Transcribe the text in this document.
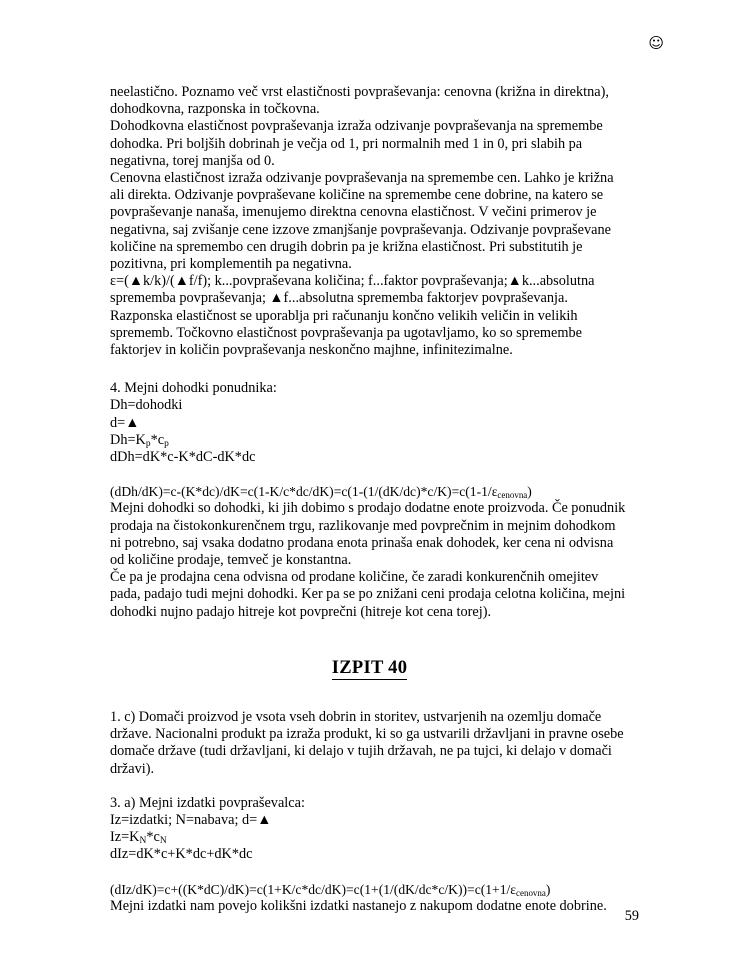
☺

neelastično. Poznamo več vrst elastičnosti povpraševanja: cenovna (križna in direktna), dohodkovna, razponska in točkovna.

Dohodkovna elastičnost povpraševanja izraža odzivanje povpraševanja na spremembe dohodka. Pri boljših dobrinah je večja od 1, pri normalnih med 1 in 0, pri slabih pa negativna, torej manjša od 0.

Cenovna elastičnost izraža odzivanje povpraševanja na spremembe cen. Lahko je križna ali direkta. Odzivanje povpraševane količine na spremembe cene dobrine, na katero se povpraševanje nanaša, imenujemo direktna cenovna elastičnost. V večini primerov je negativna, saj zvišanje cene izzove zmanjšanje povpraševanja. Odzivanje povpraševane količine na spremembo cen drugih dobrin pa je križna elastičnost. Pri substitutih je pozitivna, pri komplementih pa negativna.

ε=(▲k/k)/(▲f/f); k...povpraševana količina; f...faktor povpraševanja;▲k...absolutna sprememba povpraševanja; ▲f...absolutna sprememba faktorjev povpraševanja. Razponska elastičnost se uporablja pri računanju končno velikih veličin in velikih sprememb. Točkovno elastičnost povpraševanja pa ugotavljamo, ko so spremembe faktorjev in količin povpraševanja neskončno majhne, infinitezimalne.

4. Mejni dohodki ponudnika:

Dh=dohodki

d=▲

$Dh=K_p*c_p$

dDh=dK*c-K*dC-dK*dc

$(dDh/dK)=c-(K*dc)/dK=c(1-K/c*dc/dK)=c(1-(1/(dK/dc)*c/K)=c(1-1/\varepsilon_{cenovna})$

Mejni dohodki so dohodki, ki jih dobimo s prodajo dodatne enote proizvoda. Če ponudnik prodaja na čistokonkurenčnem trgu, razlikovanje med povprečnim in mejnim dohodkom ni potrebno, saj vsaka dodatno prodana enota prinaša enak dohodek, ker cena ni odvisna od količine prodaje, temveč je konstantna.

Če pa je prodajna cena odvisna od prodane količine, če zaradi konkurenčnih omejitev pada, padajo tudi mejni dohodki. Ker pa se po znižani ceni prodaja celotna količina, mejni dohodki nujno padajo hitreje kot povprečni (hitreje kot cena torej).

IZPIT 40

1. c) Domači proizvod je vsota vseh dobrin in storitev, ustvarjenih na ozemlju domače države. Nacionalni produkt pa izraža produkt, ki so ga ustvarili državljani in pravne osebe domače države (tudi državljani, ki delajo v tujih državah, ne pa tujci, ki delajo v domači državi).

3. a) Mejni izdatki povpraševalca:

Iz=izdatki; N=nabava; d=▲

$Iz=K_N*c_N$

dIz=dK*c+K*dc+dK*dc

$(dIz/dK)=c+((K*dC)/dK)=c(1+K/c*dc/dK)=c(1+(1/(dK/dc*c/K))=c(1+1/\varepsilon_{cenovna})$

Mejni izdatki nam povejo kolikšni izdatki nastanejo z nakupom dodatne enote dobrine.

59
